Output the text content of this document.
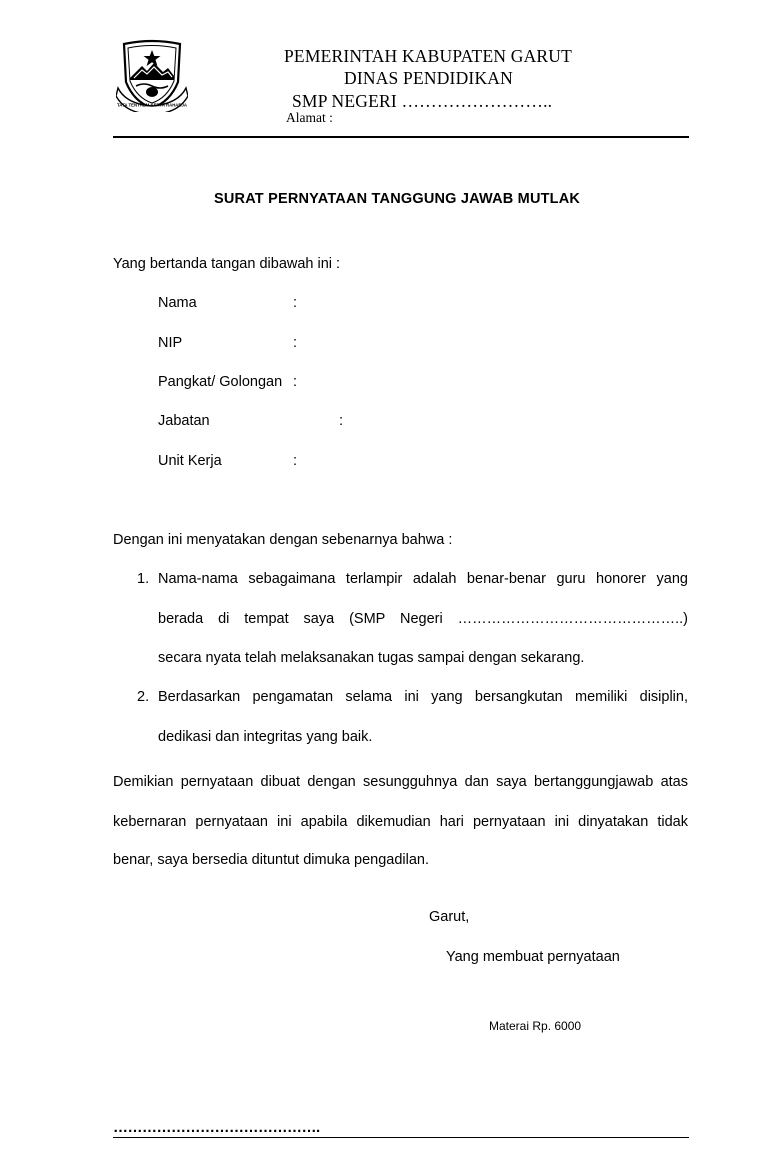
TATA TENTREM KERTA RAHARJA
PEMERINTAH KABUPATEN GARUT
DINAS PENDIDIKAN
SMP NEGERI ……………………..
Alamat :
SURAT PERNYATAAN TANGGUNG JAWAB MUTLAK
Yang bertanda tangan dibawah ini :
Nama	:
NIP	:
Pangkat/ Golongan :
Jabatan	:
Unit Kerja	:
Dengan ini menyatakan dengan sebenarnya bahwa :
1. Nama-nama sebagaimana terlampir adalah benar-benar guru honorer yang
berada di tempat saya (SMP Negeri ………………………………………..)
secara nyata telah melaksanakan tugas sampai dengan sekarang.
2. Berdasarkan pengamatan selama ini yang bersangkutan memiliki disiplin,
dedikasi dan integritas yang baik.
Demikian pernyataan dibuat dengan sesungguhnya dan saya bertanggungjawab atas
kebernaran pernyataan ini apabila dikemudian hari pernyataan ini dinyatakan tidak
benar, saya bersedia dituntut dimuka pengadilan.
Garut,
Yang membuat pernyataan
Materai Rp. 6000
…………………………………….
